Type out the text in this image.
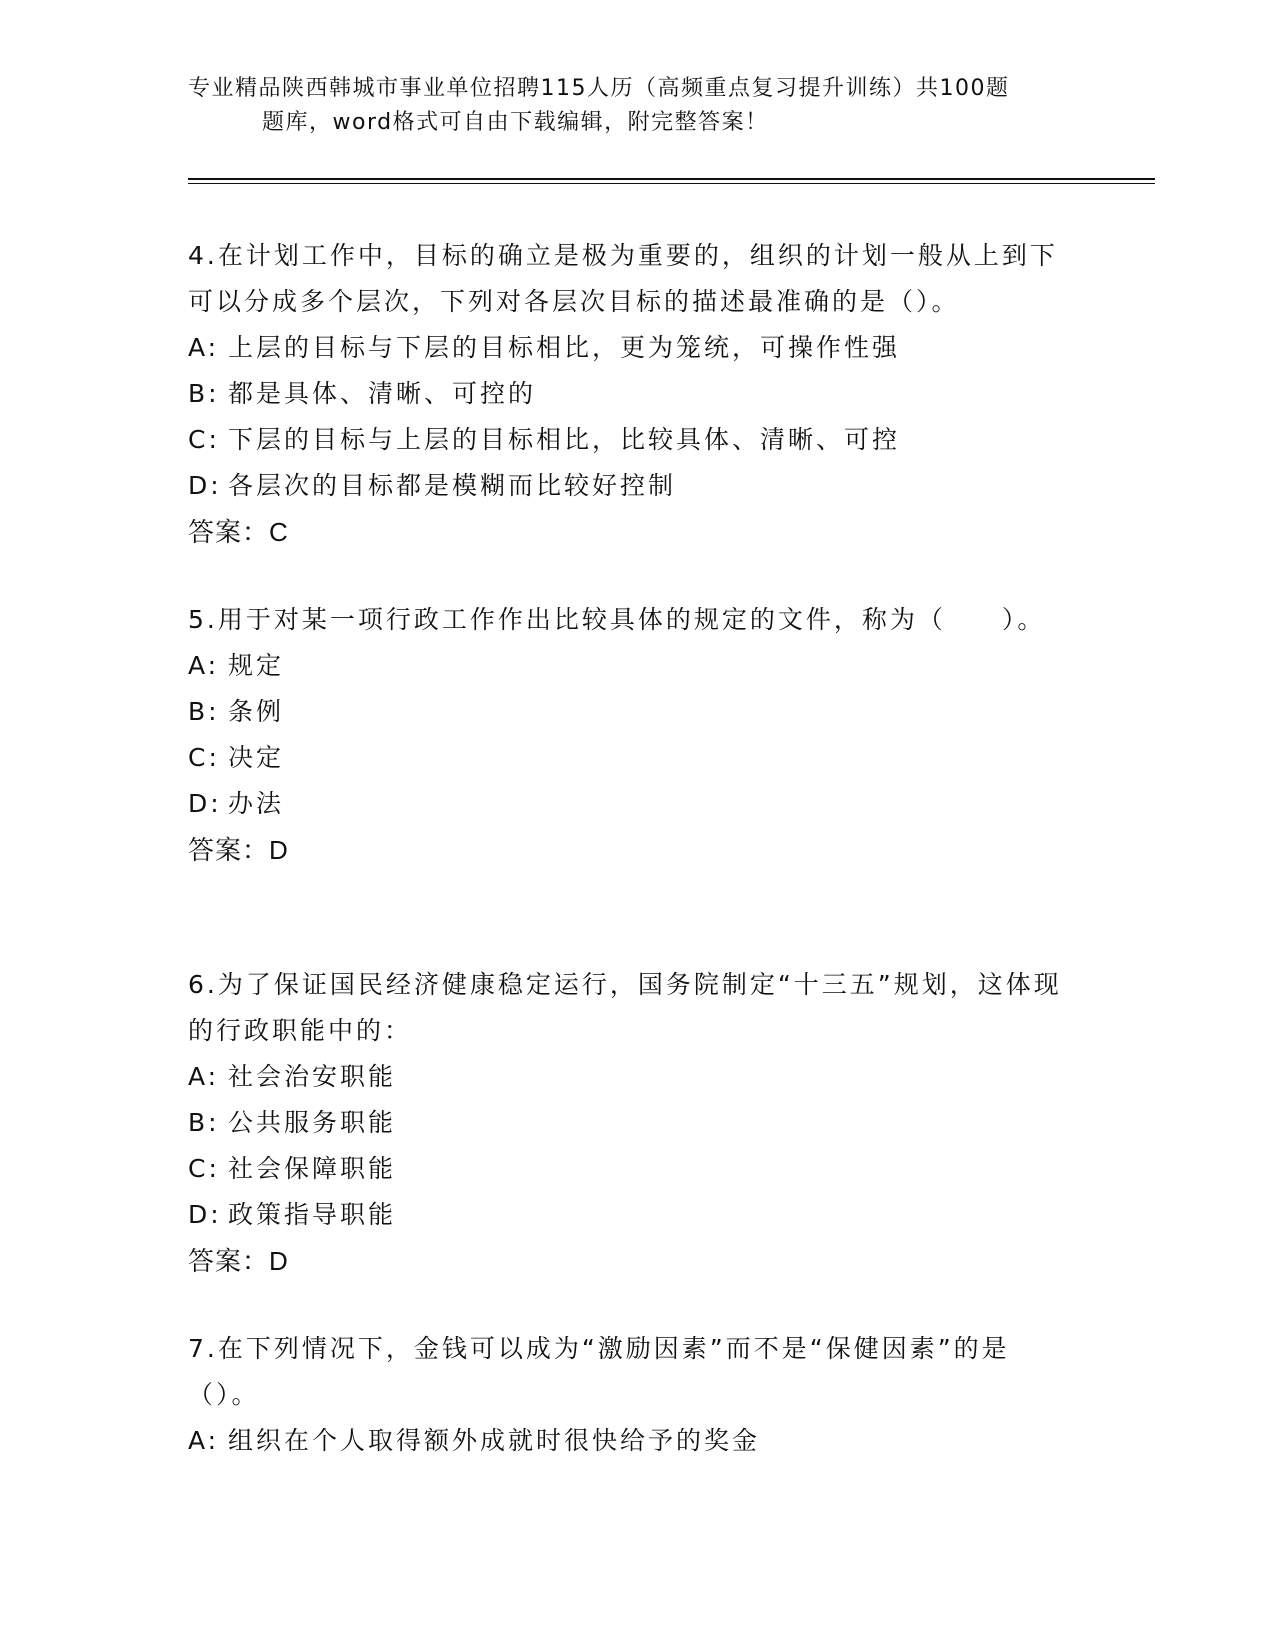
专业精品陕西韩城市事业单位招聘115人历（高频重点复习提升训练）共100题
题库，word格式可自由下载编辑，附完整答案！
4.在计划工作中，目标的确立是极为重要的，组织的计划一般从上到下可以分成多个层次，下列对各层次目标的描述最准确的是（）。
A: 上层的目标与下层的目标相比，更为笼统，可操作性强
B: 都是具体、清晰、可控的
C: 下层的目标与上层的目标相比，比较具体、清晰、可控
D: 各层次的目标都是模糊而比较好控制
答案：C
5.用于对某一项行政工作作出比较具体的规定的文件，称为（　　）。
A: 规定
B: 条例
C: 决定
D: 办法
答案：D
6.为了保证国民经济健康稳定运行，国务院制定“十三五”规划，这体现的行政职能中的：
A: 社会治安职能
B: 公共服务职能
C: 社会保障职能
D: 政策指导职能
答案：D
7.在下列情况下，金钱可以成为“激励因素”而不是“保健因素”的是（）。
A: 组织在个人取得额外成就时很快给予的奖金
